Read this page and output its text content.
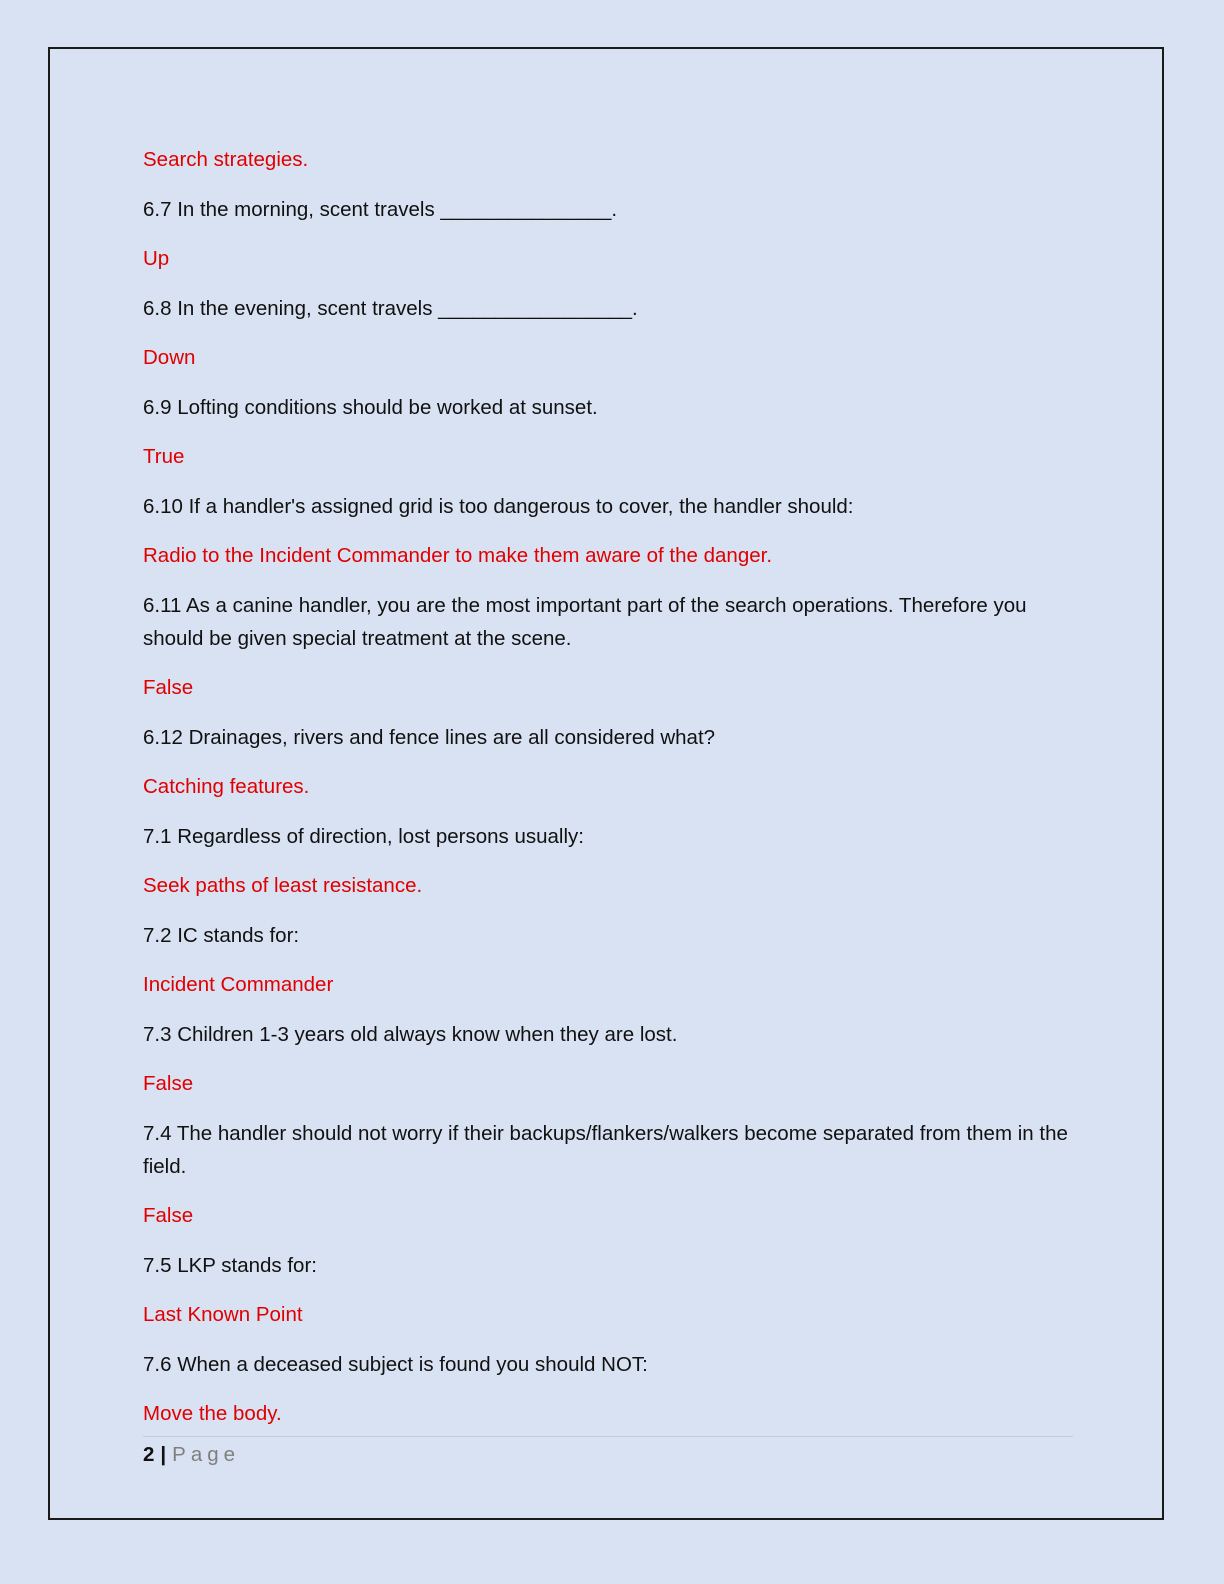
Search strategies.

6.7 In the morning, scent travels _______________.

Up

6.8 In the evening, scent travels _________________.

Down

6.9 Lofting conditions should be worked at sunset.

True

6.10 If a handler's assigned grid is too dangerous to cover, the handler should:

Radio to the Incident Commander to make them aware of the danger.

6.11 As a canine handler, you are the most important part of the search operations. Therefore you should be given special treatment at the scene.

False

6.12 Drainages, rivers and fence lines are all considered what?

Catching features.

7.1 Regardless of direction, lost persons usually:

Seek paths of least resistance.

7.2 IC stands for:

Incident Commander

7.3 Children 1-3 years old always know when they are lost.

False

7.4 The handler should not worry if their backups/flankers/walkers become separated from them in the field.

False

7.5 LKP stands for:

Last Known Point

7.6 When a deceased subject is found you should NOT:

Move the body.

2 | Page
